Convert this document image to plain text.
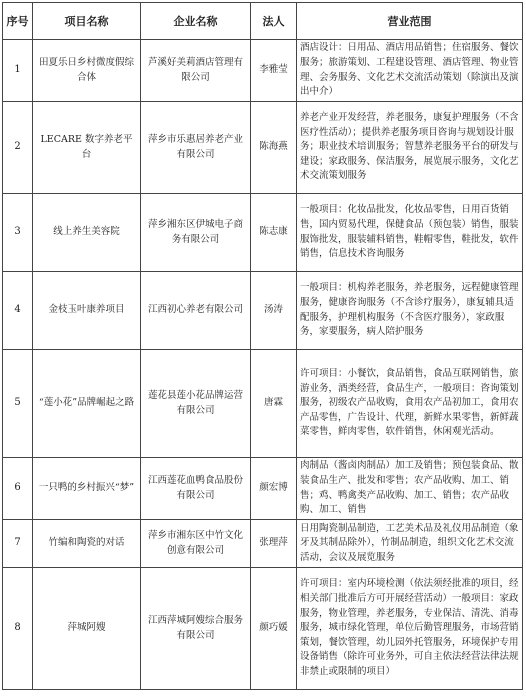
序号	项目名称	企业名称	法人	营业范围
1	田夏乐日乡村微度假综合体	芦溪好美莉酒店管理有限公司	李雅莹	酒店设计：日用品、酒店用品销售；住宿服务、餐饮服务；旅游策划、工程建设管理、酒店管理、物业管理、会务服务、文化艺术交流活动策划（除演出及演出中介）
2	LECARE 数字养老平台	萍乡市乐惠居养老产业有限公司	陈海燕	养老产业开发经营，养老服务，康复护理服务（不含医疗性活动）；提供养老服务项目咨询与规划设计服务；职业技术培训服务；智慧养老服务平台的研发与建设；家政服务、保洁服务，展览展示服务，文化艺术交流策划服务
3	线上养生美容院	萍乡湘东区伊城电子商务有限公司	陈志康	一般项目：化妆品批发，化妆品零售，日用百货销售，国内贸易代理，保健食品（预包装）销售，服装服饰批发，服装辅料销售，鞋帽零售，鞋批发，软件销售，信息技术咨询服务
4	金枝玉叶康养项目	江西初心养老有限公司	汤涛	一般项目：机构养老服务，养老服务，远程健康管理服务，健康咨询服务（不含诊疗服务），康复辅具适配服务，护理机构服务（不含医疗服务），家政服务，家要服务，病人陪护服务
5	“莲小花”品牌崛起之路	莲花县莲小花品牌运营有限公司	唐霖	许可项目：小餐饮，食品销售，食品互联网销售，旅游业务，酒类经营，食品生产，一般项目：咨询策划服务，初级农产品收购，食用农产品初加工，食用农产品零售，广告设计、代理，新鲜水果零售，新鲜蔬菜零售，鲜肉零售，软件销售，休闲观光活动。
6	一只鸭的乡村振兴“梦”	江西莲花血鸭食品股份有限公司	颜宏博	肉制品（酱卤肉制品）加工及销售；预包装食品、散装食品生产、批发和零售；农产品收购、加工、销售；鸡、鸭禽类产品收购、加工、销售；农产品收购、加工、销售
7	竹编和陶瓷的对话	萍乡市湘东区中竹文化创意有限公司	张理萍	日用陶瓷制品制造，工艺美术品及礼仪用品制造（象牙及其制品除外），竹制品制造，组织文化艺术交流活动，会议及展览服务
8	萍城阿嫂	江西萍城阿嫂综合服务有限公司	颜巧媛	许可项目：室内环境检测（依法须经批准的项目，经相关部门批准后方可开展经营活动）一般项目：家政服务，物业管理，养老服务，专业保洁、清洗、消毒服务，城市绿化管理，单位后勤管理服务，市场营销策划，餐饮管理，幼儿园外托管服务，环境保护专用设备销售（除许可业务外，可自主依法经营法律法规非禁止或限制的项目）
